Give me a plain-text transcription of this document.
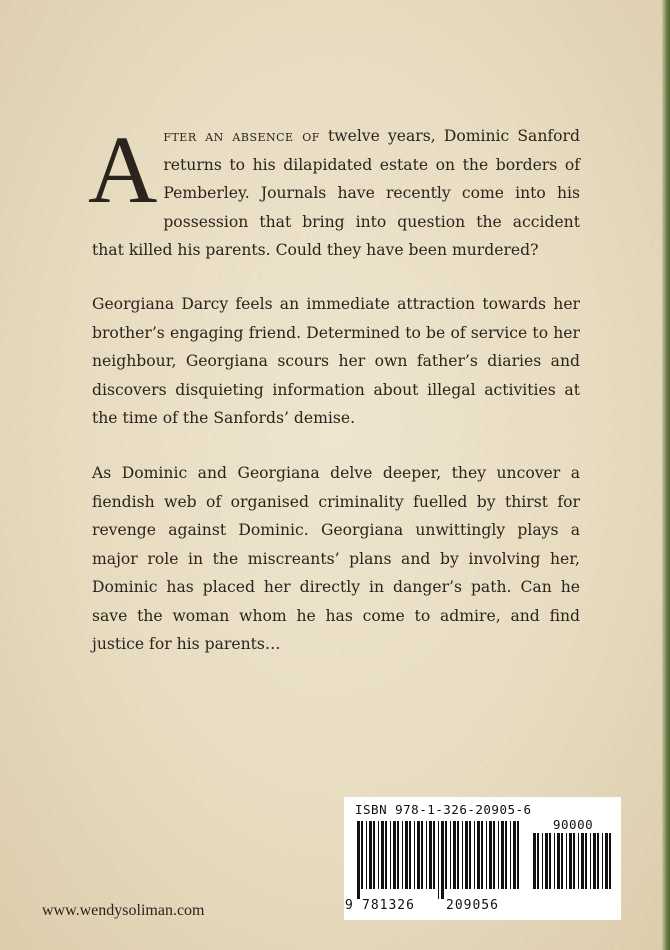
After an absence of twelve years, Dominic Sanford returns to his dilapidated estate on the borders of Pemberley. Journals have recently come into his possession that bring into question the accident that killed his parents. Could they have been murdered?

Georgiana Darcy feels an immediate attraction towards her brother’s engaging friend. Determined to be of service to her neighbour, Georgiana scours her own father’s diaries and discovers disquieting information about illegal activities at the time of the Sanfords’ demise.

As Dominic and Georgiana delve deeper, they uncover a fiendish web of organised criminality fuelled by thirst for revenge against Dominic. Georgiana unwittingly plays a major role in the miscreants’ plans and by involving her, Dominic has placed her directly in danger’s path. Can he save the woman whom he has come to admire, and find justice for his parents…

www.wendysoliman.com
ISBN 978-1-326-20905-6
90000
9 781326 209056
